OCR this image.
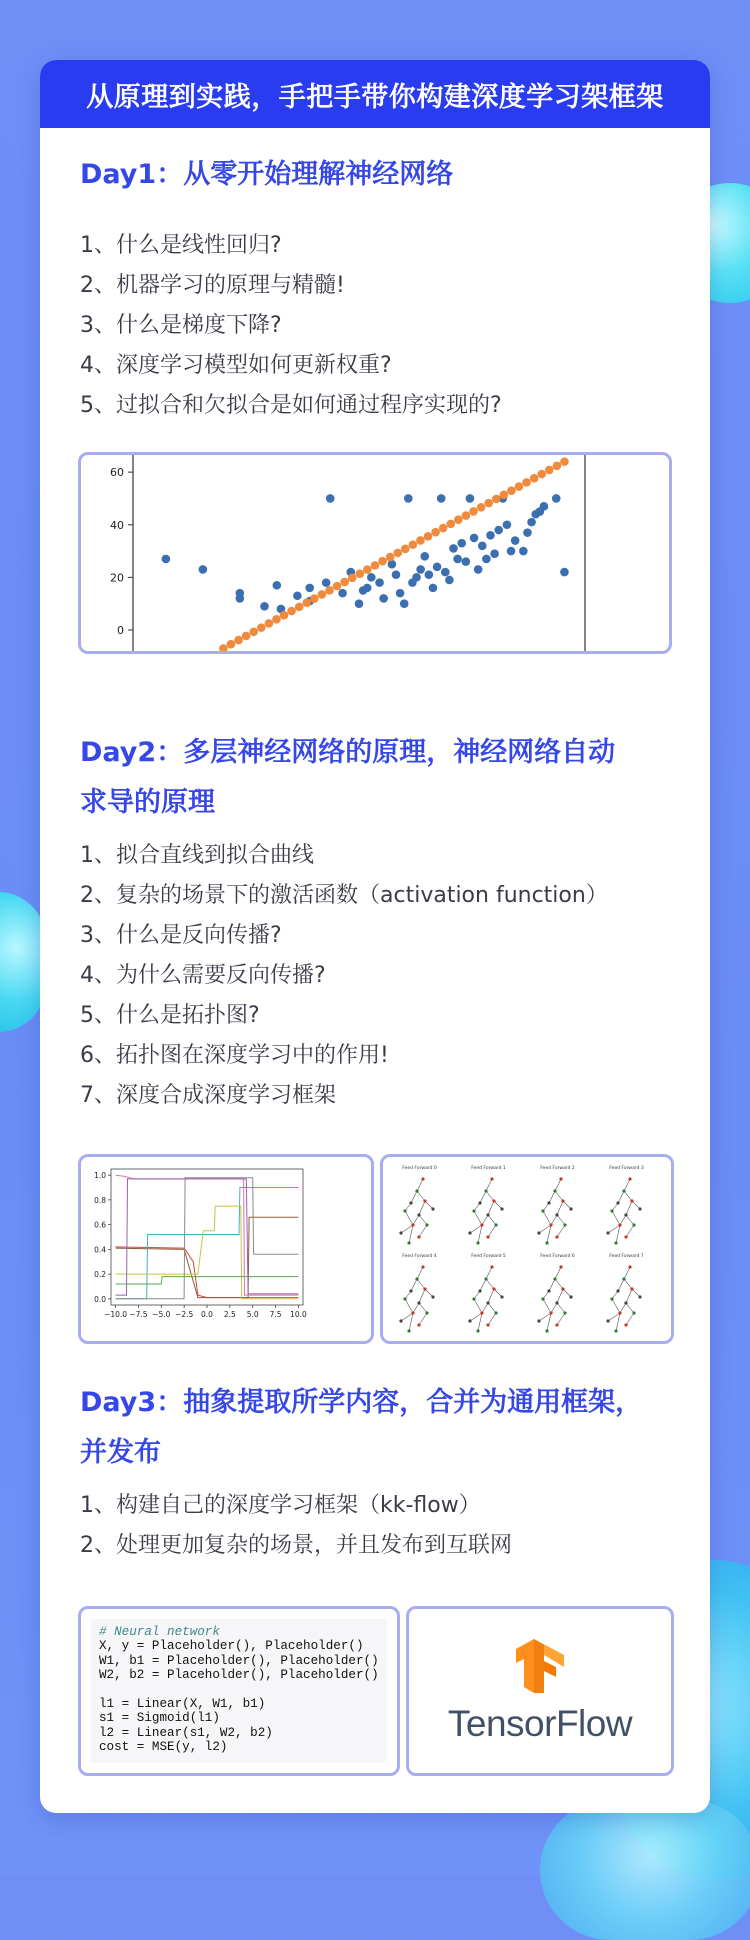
从原理到实践，手把手带你构建深度学习架框架
Day1：从零开始理解神经网络
1、什么是线性回归?
2、机器学习的原理与精髓!
3、什么是梯度下降?
4、深度学习模型如何更新权重?
5、过拟合和欠拟合是如何通过程序实现的?
0
20
40
60
Day2：多层神经网络的原理，神经网络自动
求导的原理
1、拟合直线到拟合曲线
2、复杂的场景下的激活函数（activation function）
3、什么是反向传播?
4、为什么需要反向传播?
5、什么是拓扑图?
6、拓扑图在深度学习中的作用!
7、深度合成深度学习框架
0.0
0.2
0.4
0.6
0.8
1.0
−10.0 −7.5 −5.0 −2.5 0.0 2.5 5.0 7.5 10.0
Feed Forward 0	Feed Forward 1	Feed Forward 2	Feed Forward 3
Feed Forward 4	Feed Forward 5	Feed Forward 6	Feed Forward 7
Day3：抽象提取所学内容，合并为通用框架，
并发布
1、构建自己的深度学习框架（kk-flow）
2、处理更加复杂的场景，并且发布到互联网
# Neural network
X, y = Placeholder(), Placeholder()
W1, b1 = Placeholder(), Placeholder()
W2, b2 = Placeholder(), Placeholder()
l1 = Linear(X, W1, b1)
s1 = Sigmoid(l1)
l2 = Linear(s1, W2, b2)
cost = MSE(y, l2)
TensorFlow
